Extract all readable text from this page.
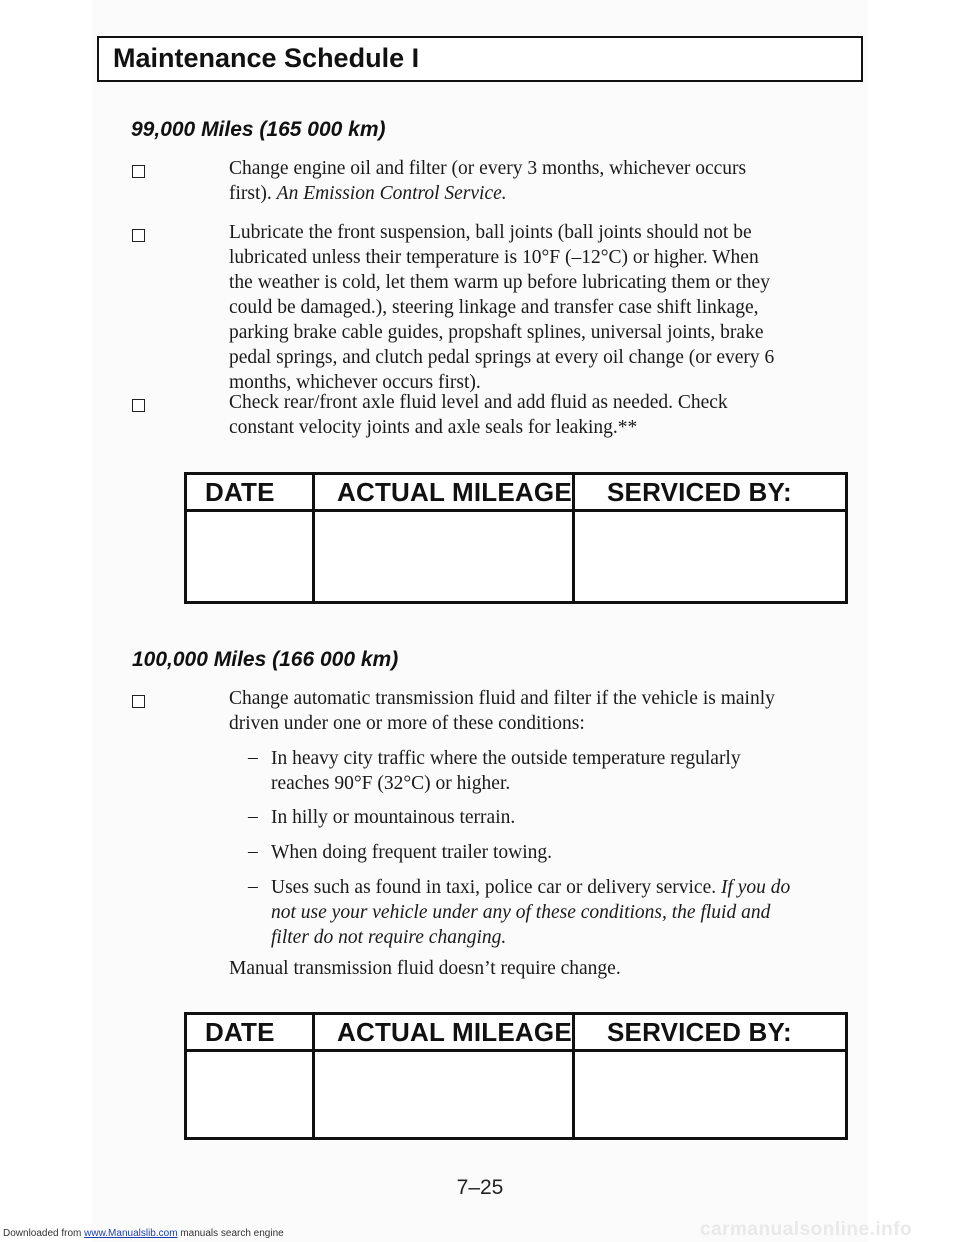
Maintenance Schedule I
99,000 Miles (165 000 km)
Change engine oil and filter (or every 3 months, whichever occurs
first). An Emission Control Service.
Lubricate the front suspension, ball joints (ball joints should not be
lubricated unless their temperature is 10°F (–12°C) or higher. When
the weather is cold, let them warm up before lubricating them or they
could be damaged.), steering linkage and transfer case shift linkage,
parking brake cable guides, propshaft splines, universal joints, brake
pedal springs, and clutch pedal springs at every oil change (or every 6
months, whichever occurs first).
Check rear/front axle fluid level and add fluid as needed. Check
constant velocity joints and axle seals for leaking.**
DATE ACTUAL MILEAGE SERVICED BY:
100,000 Miles (166 000 km)
Change automatic transmission fluid and filter if the vehicle is mainly
driven under one or more of these conditions:
– In heavy city traffic where the outside temperature regularly
reaches 90°F (32°C) or higher.
– In hilly or mountainous terrain.
– When doing frequent trailer towing.
– Uses such as found in taxi, police car or delivery service. If you do
not use your vehicle under any of these conditions, the fluid and
filter do not require changing.
Manual transmission fluid doesn’t require change.
DATE ACTUAL MILEAGE SERVICED BY:
7–25
carmanualsonline.info
Downloaded from www.Manualslib.com manuals search engine
